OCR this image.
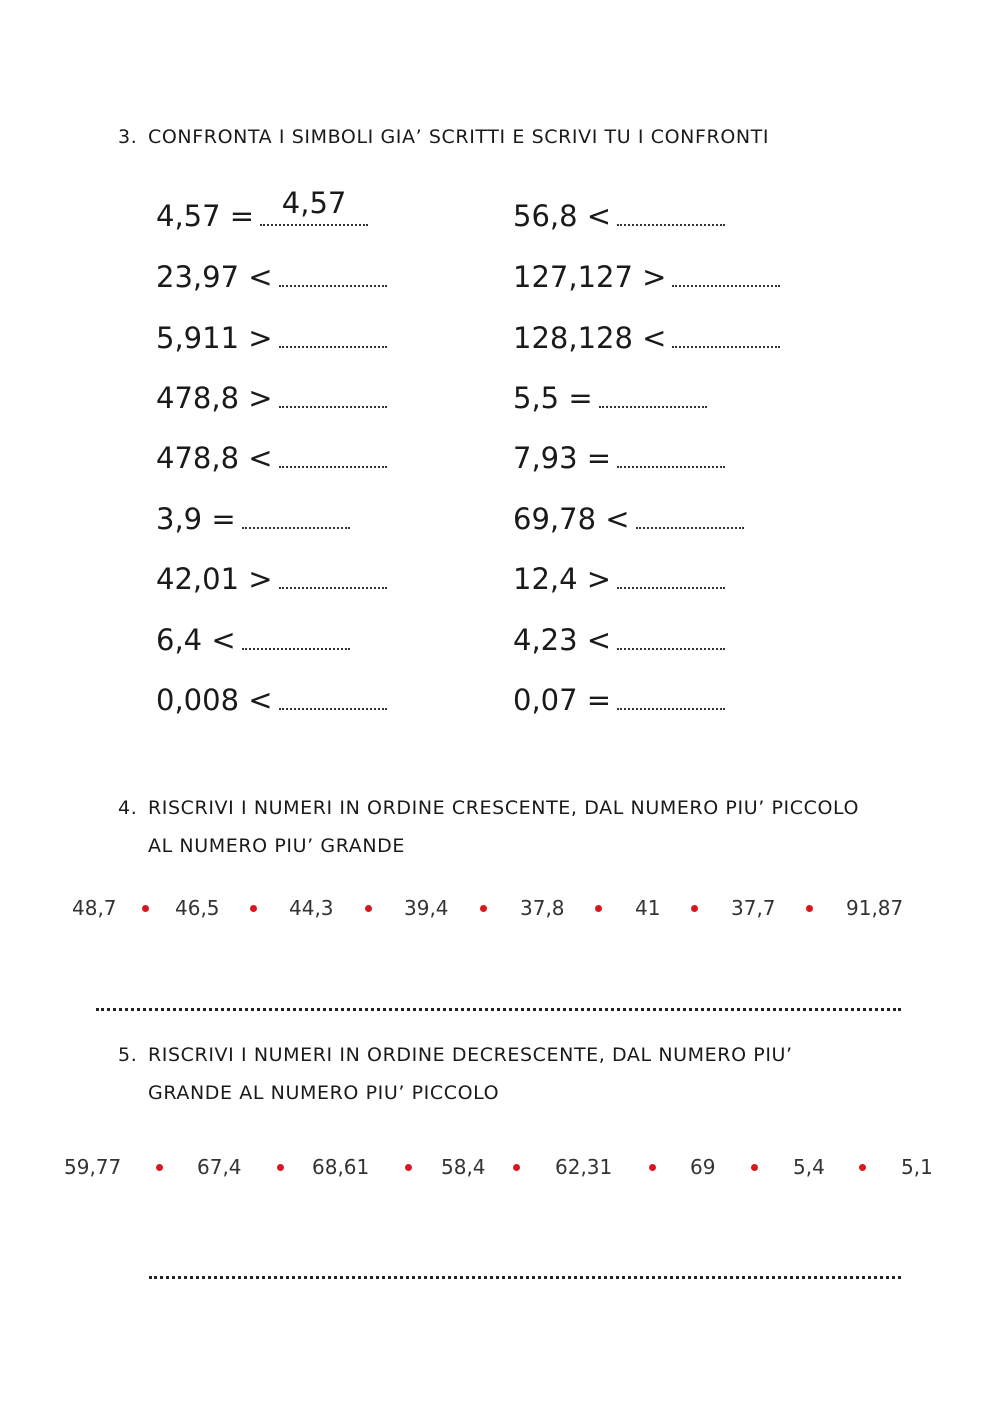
3. CONFRONTA I SIMBOLI GIA’ SCRITTI E SCRIVI TU I CONFRONTI
4,57 =
4,57
23,97 <
5,911 >
478,8 >
478,8 <
3,9 =
42,01 >
6,4 <
0,008 <
56,8 <
127,127 >
128,128 <
5,5 =
7,93 =
69,78 <
12,4 >
4,23 <
0,07 =
4. RISCRIVI I NUMERI IN ORDINE CRESCENTE, DAL NUMERO PIU’ PICCOLO
AL NUMERO PIU’ GRANDE
48,7	46,5	44,3	39,4	37,8	41	37,7	91,87
5. RISCRIVI I NUMERI IN ORDINE DECRESCENTE, DAL NUMERO PIU’
GRANDE AL NUMERO PIU’ PICCOLO
59,77	67,4	68,61	58,4	62,31	69	5,4	5,1
